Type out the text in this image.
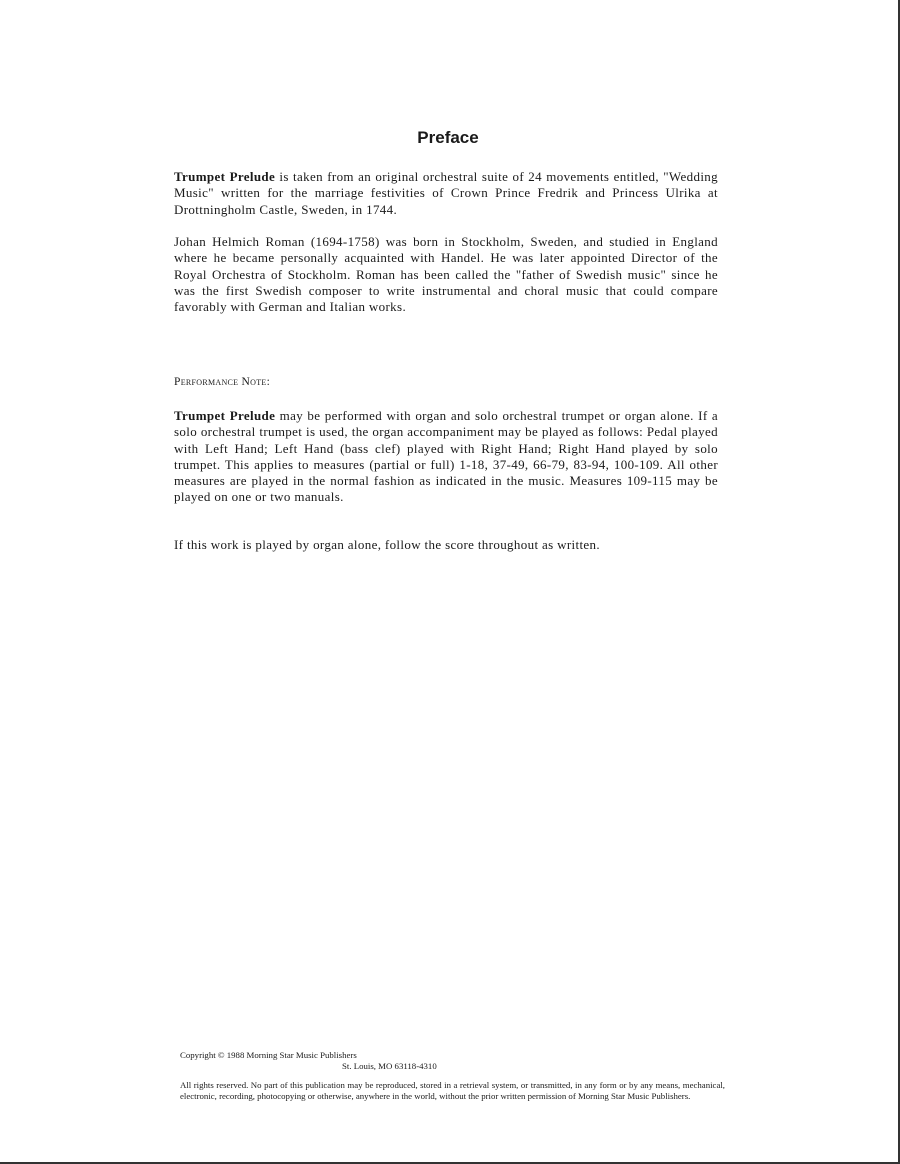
Preface

Trumpet Prelude is taken from an original orchestral suite of 24 movements entitled, "Wedding Music" written for the marriage festivities of Crown Prince Fredrik and Princess Ulrika at Drottningholm Castle, Sweden, in 1744.

Johan Helmich Roman (1694-1758) was born in Stockholm, Sweden, and studied in England where he became personally acquainted with Handel. He was later appointed Director of the Royal Orchestra of Stockholm. Roman has been called the "father of Swedish music" since he was the first Swedish composer to write instrumental and choral music that could compare favorably with German and Italian works.

Performance Note:

Trumpet Prelude may be performed with organ and solo orchestral trumpet or organ alone. If a solo orchestral trumpet is used, the organ accompaniment may be played as follows: Pedal played with Left Hand; Left Hand (bass clef) played with Right Hand; Right Hand played by solo trumpet. This applies to measures (partial or full) 1-18, 37-49, 66-79, 83-94, 100-109. All other measures are played in the normal fashion as indicated in the music. Measures 109-115 may be played on one or two manuals.

If this work is played by organ alone, follow the score throughout as written.

Copyright © 1988 Morning Star Music Publishers
St. Louis, MO 63118-4310

All rights reserved. No part of this publication may be reproduced, stored in a retrieval system, or transmitted, in any form or by any means, mechanical, electronic, recording, photocopying or otherwise, anywhere in the world, without the prior written permission of Morning Star Music Publishers.
